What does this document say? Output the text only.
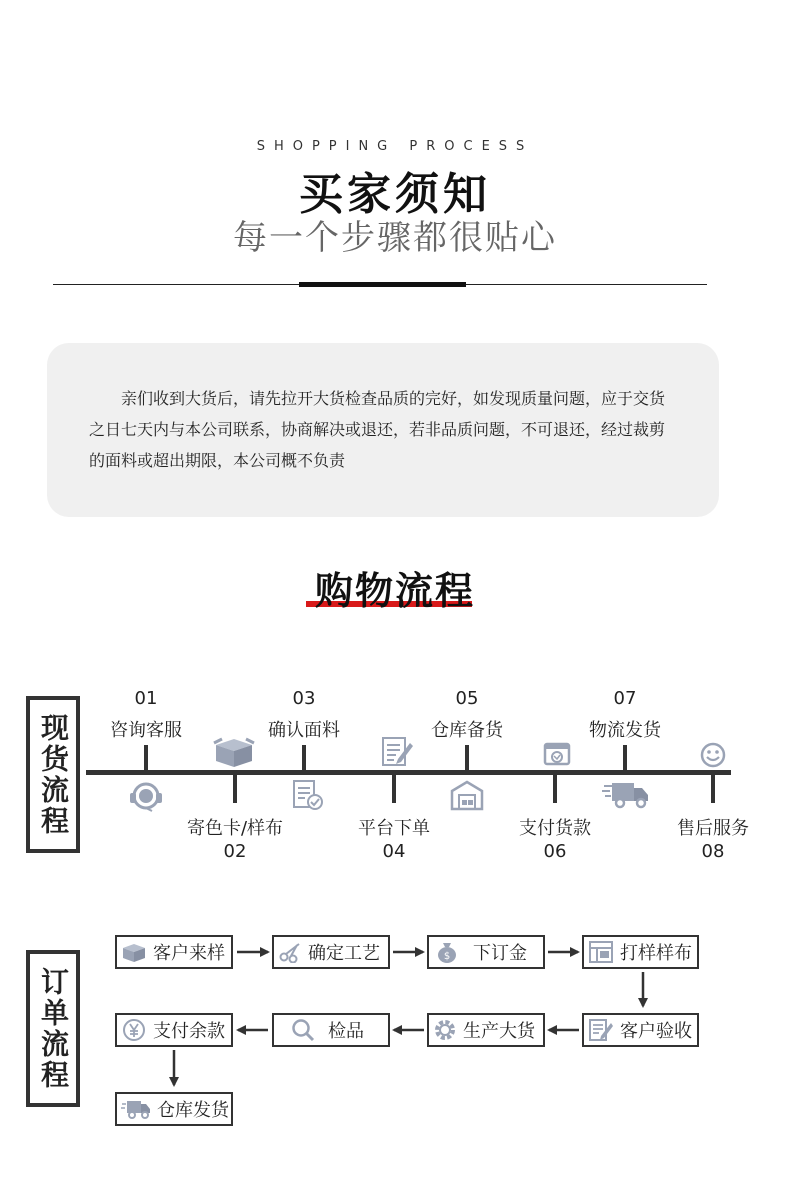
SHOPPING PROCESS
买家须知
每一个步骤都很贴心

亲们收到大货后，请先拉开大货检查品质的完好，如发现质量问题，应于交货之日七天内与本公司联系，协商解决或退还，若非品质问题，不可退还，经过裁剪的面料或超出期限，本公司概不负责

购物流程
现货流程
01
咨询客服
03
确认面料
05
仓库备货
07
物流发货
寄色卡/样布
02
平台下单
04
支付货款
06
售后服务
08
订单流程
客户来样	确定工艺	$ 下订金	打样样布
支付余款	检品	生产大货	客户验收
仓库发货
